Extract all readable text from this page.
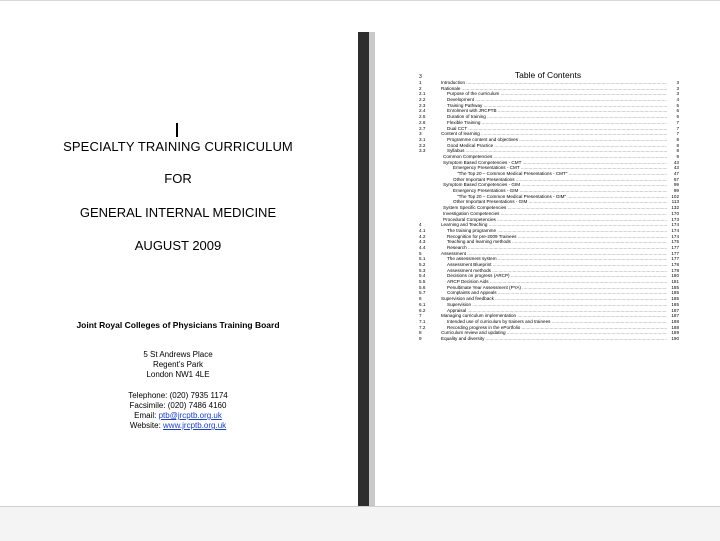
SPECIALTY TRAINING CURRICULUM
FOR
GENERAL INTERNAL MEDICINE
AUGUST 2009
Joint Royal Colleges of Physicians Training Board
5 St Andrews Place
Regent’s Park
London NW1 4LE
Telephone: (020) 7935 1174
Facsimile: (020) 7486 4160
Email: ptb@jrcptb.org.uk
Website: www.jrcptb.org.uk
Table of Contents
3
1	Introduction .....	3
2	Rationale .....	3
2.1	Purpose of the curriculum .....	3
2.2	Development .....	4
2.3	Training Pathway .....	5
2.4	Enrolment with JRCPTB .....	6
2.5	Duration of training .....	6
2.6	Flexible Training .....	7
2.7	Dual CCT .....	7
3	Content of learning .....	7
3.1	Programme content and objectives .....	8
3.2	Good Medical Practice .....	8
3.3	Syllabus .....	8
Common Competencies .....	9
Symptom Based Competencies - CMT .....	43
Emergency Presentations - CMT .....	43
"The Top 20 – Common Medical Presentations - CMT" .....	47
Other Important Presentations .....	67
Symptom Based Competencies - GIM .....	99
Emergency Presentations - GIM .....	99
"The Top 20 – Common Medical Presentations - GIM" .....	102
Other Important Presentations - GIM .....	113
System Specific Competencies .....	132
Investigation Competencies .....	170
Procedural Competencies .....	173
4	Learning and Teaching .....	174
4.1	The training programme .....	174
4.2	Recognition for pre-2009 Trainees .....	174
4.3	Teaching and learning methods .....	175
4.4	Research .....	177
5	Assessment .....	177
5.1	The assessment system .....	177
5.2	Assessment Blueprint .....	178
5.3	Assessment methods .....	178
5.4	Decisions on progress (ARCP) .....	180
5.5	ARCP Decision Aids .....	181
5.6	Penultimate Year Assessment (PYA) .....	185
5.7	Complaints and Appeals .....	185
6	Supervision and feedback .....	185
6.1	Supervision .....	185
6.2	Appraisal .....	187
7	Managing curriculum implementation .....	187
7.1	Intended use of curriculum by trainers and trainees .....	188
7.2	Recording progress in the ePortfolio .....	188
8	Curriculum review and updating .....	189
9	Equality and diversity .....	190
